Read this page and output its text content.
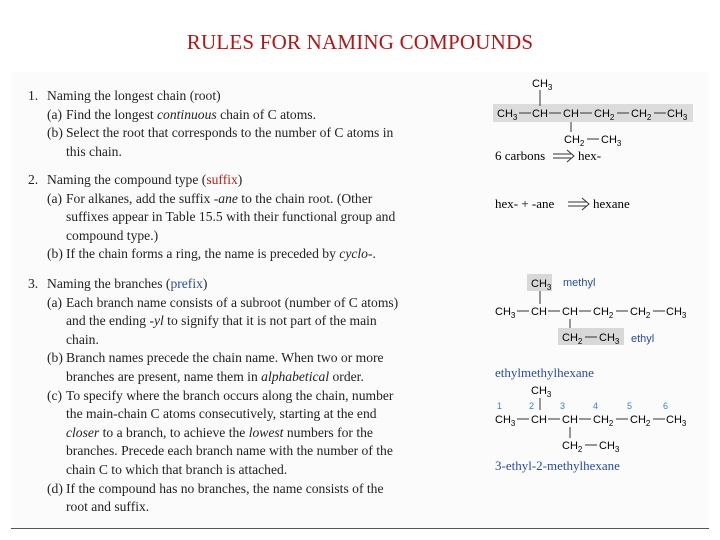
RULES FOR NAMING COMPOUNDS
1. Naming the longest chain (root)
(a) Find the longest continuous chain of C atoms.
(b) Select the root that corresponds to the number of C atoms in
this chain.
2. Naming the compound type (suffix)
(a) For alkanes, add the suffix -ane to the chain root. (Other
suffixes appear in Table 15.5 with their functional group and
compound type.)
(b) If the chain forms a ring, the name is preceded by cyclo-.
3. Naming the branches (prefix)
(a) Each branch name consists of a subroot (number of C atoms)
and the ending -yl to signify that it is not part of the main
chain.
(b) Branch names precede the chain name. When two or more
branches are present, name them in alphabetical order.
(c) To specify where the branch occurs along the chain, number
the main-chain C atoms consecutively, starting at the end
closer to a branch, to achieve the lowest numbers for the
branches. Precede each branch name with the number of the
chain C to which that branch is attached.
(d) If the compound has no branches, the name consists of the
root and suffix.
$CH_3$
$CH_3$ CH CH $CH_2$ $CH_2$ $CH_3$
$CH_2$ $CH_3$
6 carbons	hex-
hex- + -ane	hexane
$CH_3$ methyl
$CH_3$ CH CH $CH_2$ $CH_2$ $CH_3$
$CH_2$ $CH_3$ ethyl
ethylmethylhexane
$CH_3$
1	2	3	4	5	6
$CH_3$ CH CH $CH_2$ $CH_2$ $CH_3$
$CH_2$ $CH_3$
3-ethyl-2-methylhexane
